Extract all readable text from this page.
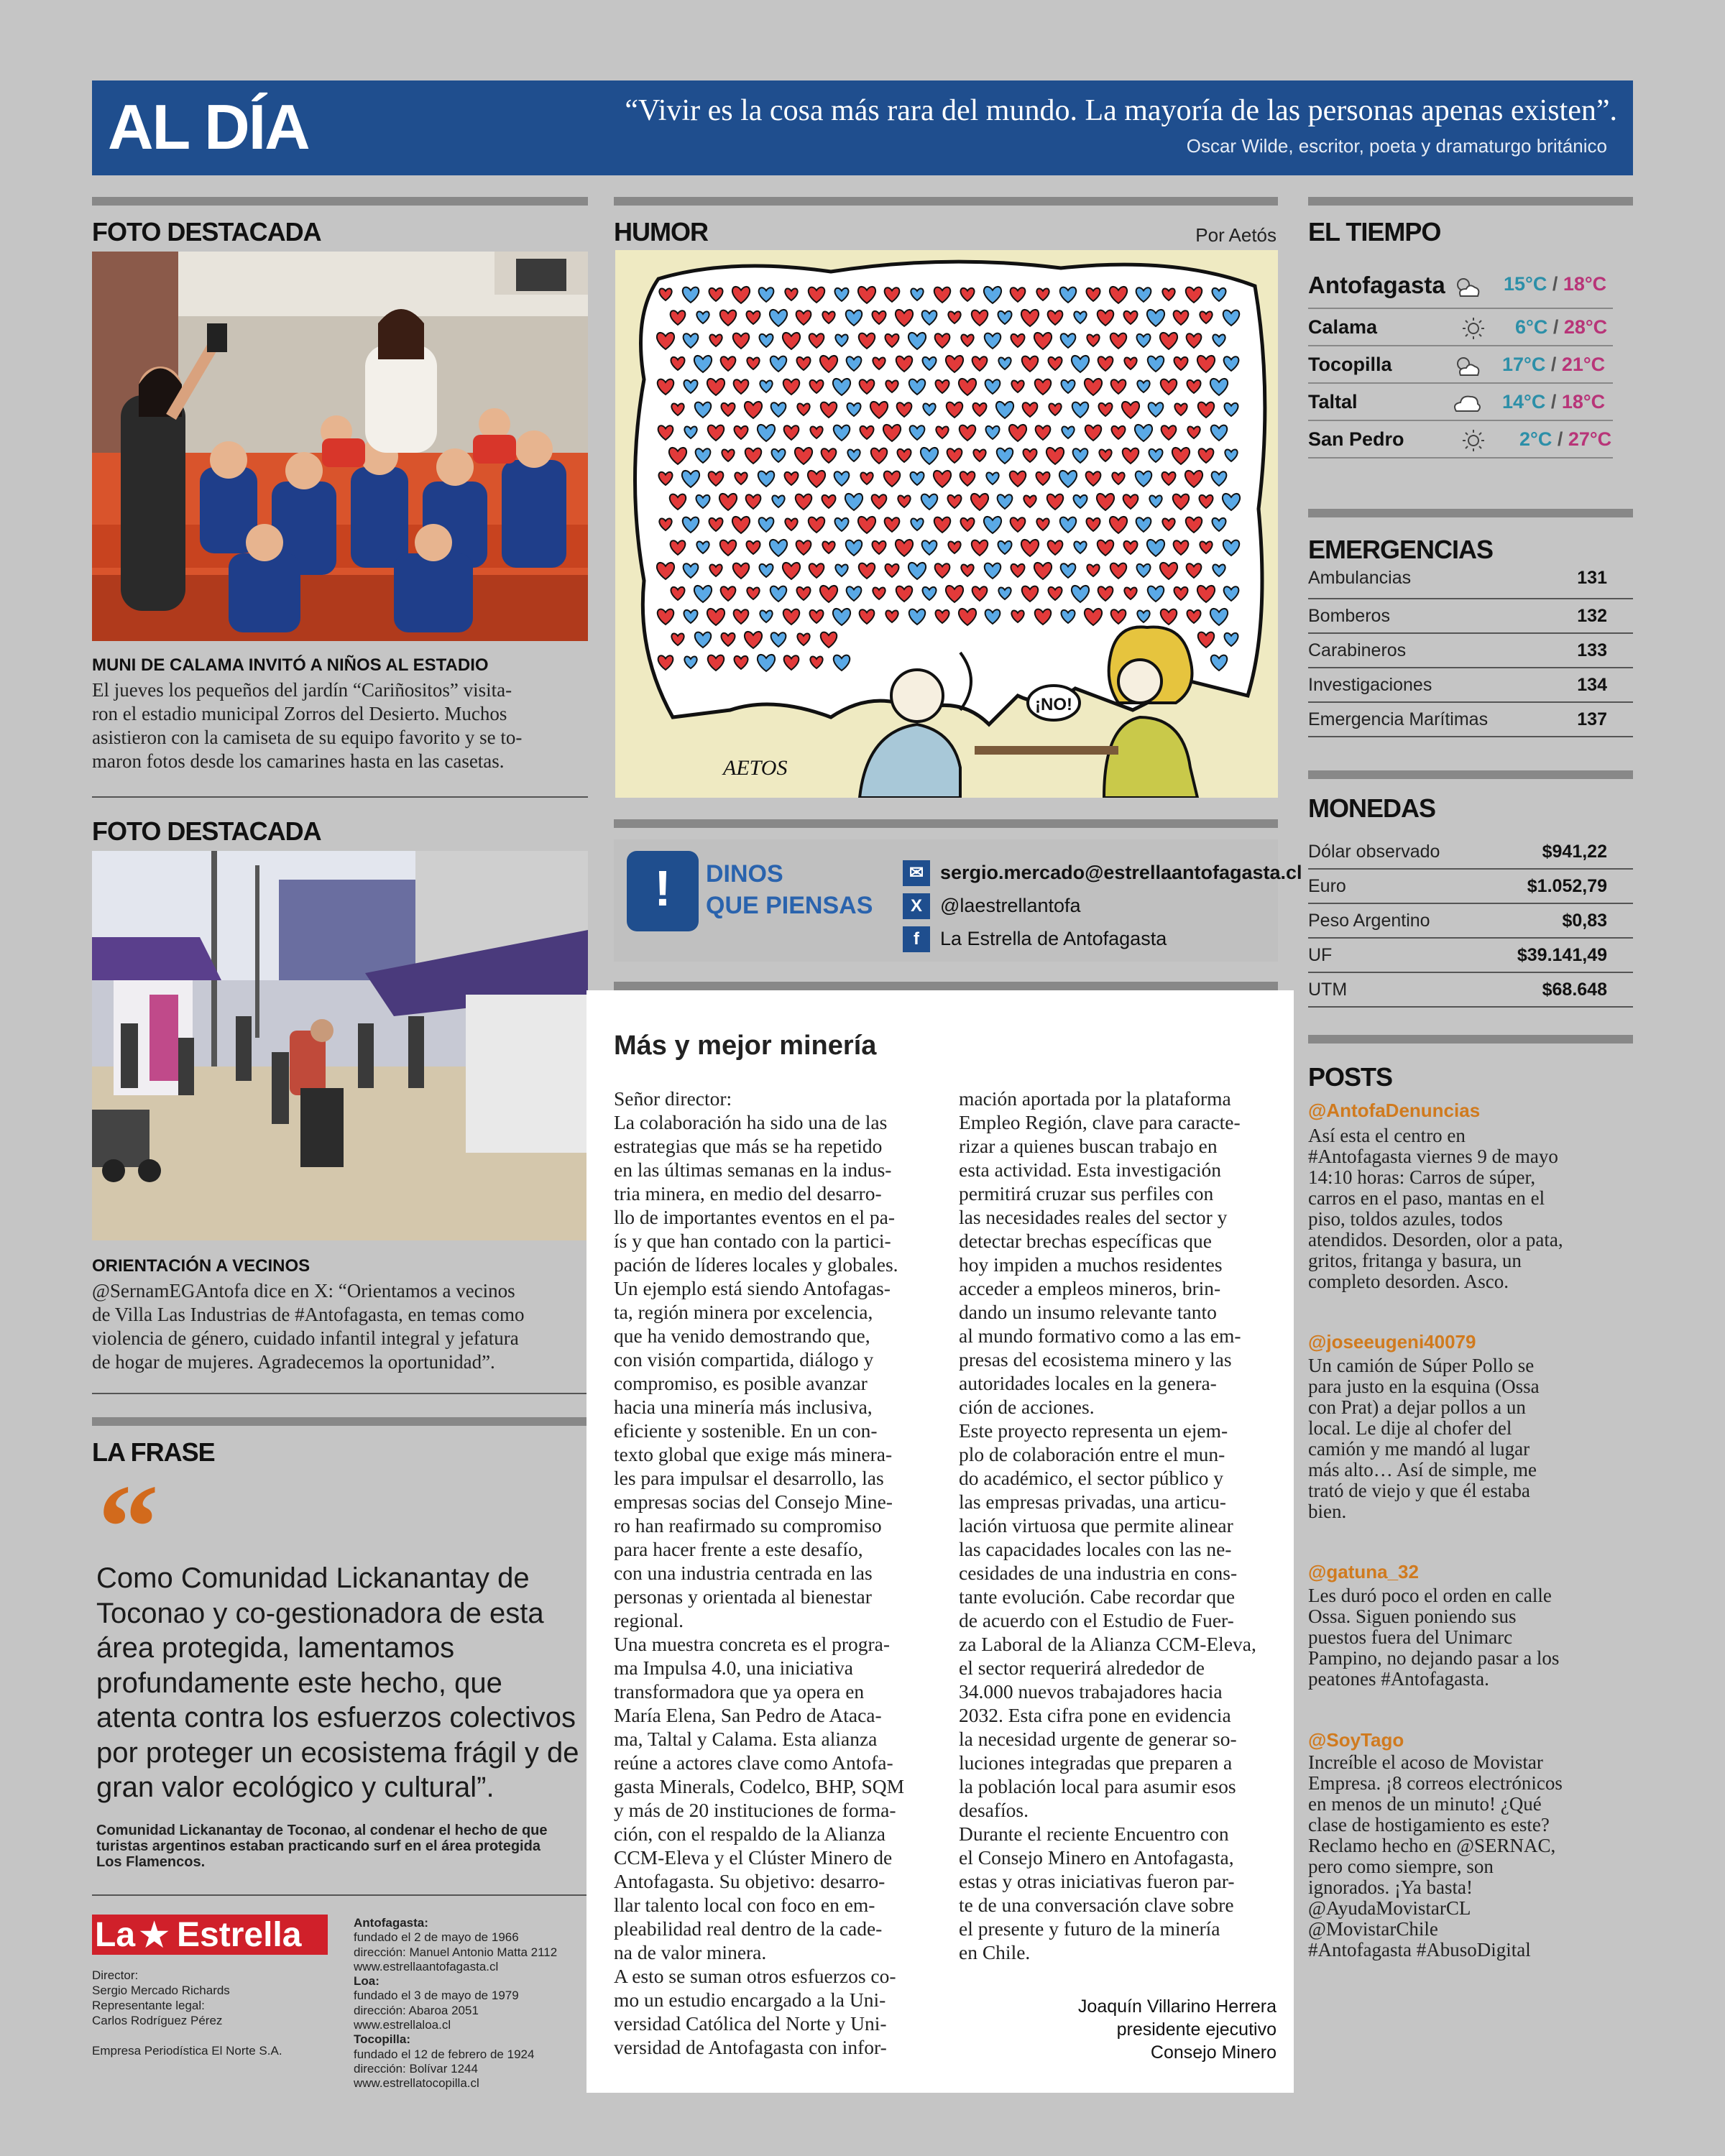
AL DÍA	“Vivir es la cosa más rara del mundo. La mayoría de las personas apenas existen”.
Oscar Wilde, escritor, poeta y dramaturgo británico
FOTO DESTACADA
MUNI DE CALAMA INVITÓ A NIÑOS AL ESTADIO
El jueves los pequeños del jardín “Cariñositos” visita-
ron el estadio municipal Zorros del Desierto. Muchos
asistieron con la camiseta de su equipo favorito y se to-
maron fotos desde los camarines hasta en las casetas.
FOTO DESTACADA
ORIENTACIÓN A VECINOS
@SernamEGAntofa dice en X: “Orientamos a vecinos
de Villa Las Industrias de #Antofagasta, en temas como
violencia de género, cuidado infantil integral y jefatura
de hogar de mujeres. Agradecemos la oportunidad”.
LA FRASE
“
Como Comunidad Lickanantay de
Toconao y co-gestionadora de esta
área protegida, lamentamos
profundamente este hecho, que
atenta contra los esfuerzos colectivos
por proteger un ecosistema frágil y de
gran valor ecológico y cultural”.
Comunidad Lickanantay de Toconao, al condenar el hecho de que
turistas argentinos estaban practicando surf en el área protegida
Los Flamencos.
La ★ Estrella
Director:
Sergio Mercado Richards
Representante legal:
Carlos Rodríguez Pérez
Empresa Periodística El Norte S.A.
Antofagasta:
fundado el 2 de mayo de 1966
dirección: Manuel Antonio Matta 2112
www.estrellaantofagasta.cl
Loa:
fundado el 3 de mayo de 1979
dirección: Abaroa 2051
www.estrellaloa.cl
Tocopilla:
fundado el 12 de febrero de 1924
dirección: Bolívar 1244
www.estrellatocopilla.cl
HUMOR	Por Aetós
¡NO!
AETOS
!	DINOS
QUE PIENSAS
✉ sergio.mercado@estrellaantofagasta.cl
X @laestrellantofa
f	La Estrella de Antofagasta
Más y mejor minería
Señor director:
La colaboración ha sido una de las
estrategias que más se ha repetido
en las últimas semanas en la indus-
tria minera, en medio del desarro-
llo de importantes eventos en el pa-
ís y que han contado con la partici-
pación de líderes locales y globales.
Un ejemplo está siendo Antofagas-
ta, región minera por excelencia,
que ha venido demostrando que,
con visión compartida, diálogo y
compromiso, es posible avanzar
hacia una minería más inclusiva,
eficiente y sostenible. En un con-
texto global que exige más minera-
les para impulsar el desarrollo, las
empresas socias del Consejo Mine-
ro han reafirmado su compromiso
para hacer frente a este desafío,
con una industria centrada en las
personas y orientada al bienestar
regional.
Una muestra concreta es el progra-
ma Impulsa 4.0, una iniciativa
transformadora que ya opera en
María Elena, San Pedro de Ataca-
ma, Taltal y Calama. Esta alianza
reúne a actores clave como Antofa-
gasta Minerals, Codelco, BHP, SQM
y más de 20 instituciones de forma-
ción, con el respaldo de la Alianza
CCM-Eleva y el Clúster Minero de
Antofagasta. Su objetivo: desarro-
llar talento local con foco en em-
pleabilidad real dentro de la cade-
na de valor minera.
A esto se suman otros esfuerzos co-
mo un estudio encargado a la Uni-
versidad Católica del Norte y Uni-
versidad de Antofagasta con infor-
mación aportada por la plataforma
Empleo Región, clave para caracte-
rizar a quienes buscan trabajo en
esta actividad. Esta investigación
permitirá cruzar sus perfiles con
las necesidades reales del sector y
detectar brechas específicas que
hoy impiden a muchos residentes
acceder a empleos mineros, brin-
dando un insumo relevante tanto
al mundo formativo como a las em-
presas del ecosistema minero y las
autoridades locales en la genera-
ción de acciones.
Este proyecto representa un ejem-
plo de colaboración entre el mun-
do académico, el sector público y
las empresas privadas, una articu-
lación virtuosa que permite alinear
las capacidades locales con las ne-
cesidades de una industria en cons-
tante evolución. Cabe recordar que
de acuerdo con el Estudio de Fuer-
za Laboral de la Alianza CCM-Eleva,
el sector requerirá alrededor de
34.000 nuevos trabajadores hacia
2032. Esta cifra pone en evidencia
la necesidad urgente de generar so-
luciones integradas que preparen a
la población local para asumir esos
desafíos.
Durante el reciente Encuentro con
el Consejo Minero en Antofagasta,
estas y otras iniciativas fueron par-
te de una conversación clave sobre
el presente y futuro de la minería
en Chile.
Joaquín Villarino Herrera
presidente ejecutivo
Consejo Minero
EL TIEMPO
Antofagasta	15°C / 18°C
Calama	6°C / 28°C
Tocopilla	17°C / 21°C
Taltal	14°C / 18°C
San Pedro	2°C / 27°C
EMERGENCIAS
Ambulancias	131
Bomberos	132
Carabineros	133
Investigaciones	134
Emergencia Marítimas	137
MONEDAS
Dólar observado	$941,22
Euro	$1.052,79
Peso Argentino	$0,83
UF	$39.141,49
UTM	$68.648
POSTS
@AntofaDenuncias
Así esta el centro en
#Antofagasta viernes 9 de mayo
14:10 horas: Carros de súper,
carros en el paso, mantas en el
piso, toldos azules, todos
atendidos. Desorden, olor a pata,
gritos, fritanga y basura, un
completo desorden. Asco.
@joseeugeni40079
Un camión de Súper Pollo se
para justo en la esquina (Ossa
con Prat) a dejar pollos a un
local. Le dije al chofer del
camión y me mandó al lugar
más alto… Así de simple, me
trató de viejo y que él estaba
bien.
@gatuna_32
Les duró poco el orden en calle
Ossa. Siguen poniendo sus
puestos fuera del Unimarc
Pampino, no dejando pasar a los
peatones #Antofagasta.
@SoyTago
Increíble el acoso de Movistar
Empresa. ¡8 correos electrónicos
en menos de un minuto! ¿Qué
clase de hostigamiento es este?
Reclamo hecho en @SERNAC,
pero como siempre, son
ignorados. ¡Ya basta!
@AyudaMovistarCL
@MovistarChile
#Antofagasta #AbusoDigital
